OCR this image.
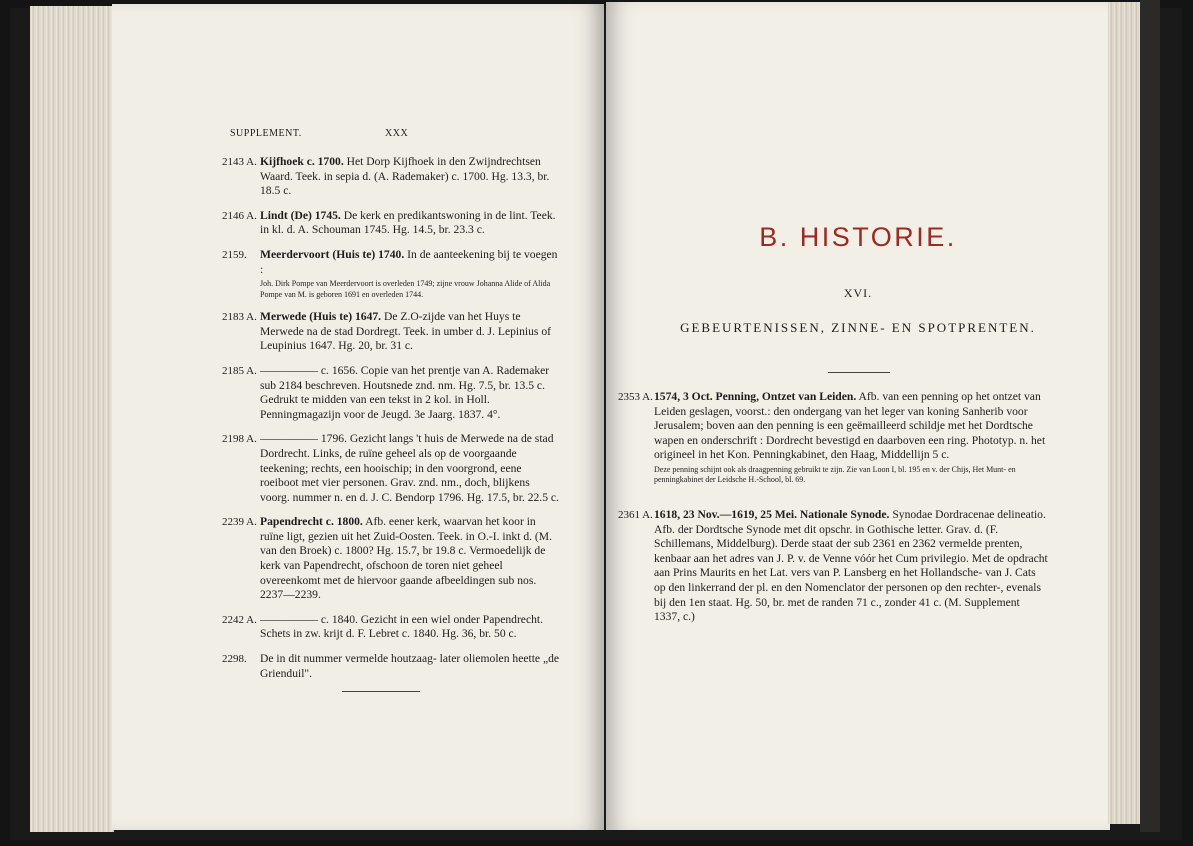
SUPPLEMENT.	XXX
2143 A. Kijfhoek c. 1700. Het Dorp Kijfhoek in den Zwijndrechtsen Waard. Teek. in sepia d. (A. Rademaker) c. 1700. Hg. 13.3, br. 18.5 c.
2146 A. Lindt (De) 1745. De kerk en predikantswoning in de lint. Teek. in kl. d. A. Schouman 1745. Hg. 14.5, br. 23.3 c.
2159. Meerdervoort (Huis te) 1740. In de aanteekening bij te voegen :
Joh. Dirk Pompe van Meerdervoort is overleden 1749; zijne vrouw Johanna Alide of Alida Pompe van M. is geboren 1691 en overleden 1744.
2183 A. Merwede (Huis te) 1647. De Z.O-zijde van het Huys te Merwede na de stad Dordregt. Teek. in umber d. J. Lepinius of Leupinius 1647. Hg. 20, br. 31 c.
2185 A. ————— c. 1656. Copie van het prentje van A. Rademaker sub 2184 beschreven. Houtsnede znd. nm. Hg. 7.5, br. 13.5 c. Gedrukt te midden van een tekst in 2 kol. in Holl. Penningmagazijn voor de Jeugd. 3e Jaarg. 1837. 4°.
2198 A. ————— 1796. Gezicht langs 't huis de Merwede na de stad Dordrecht. Links, de ruïne geheel als op de voorgaande teekening; rechts, een hooischip; in den voorgrond, eene roeiboot met vier personen. Grav. znd. nm., doch, blijkens voorg. nummer n. en d. J. C. Bendorp 1796. Hg. 17.5, br. 22.5 c.
2239 A. Papendrecht c. 1800. Afb. eener kerk, waarvan het koor in ruïne ligt, gezien uit het Zuid-Oosten. Teek. in O.-I. inkt d. (M. van den Broek) c. 1800? Hg. 15.7, br 19.8 c. Vermoedelijk de kerk van Papendrecht, ofschoon de toren niet geheel overeenkomt met de hiervoor gaande afbeeldingen sub nos. 2237—2239.
2242 A. ————— c. 1840. Gezicht in een wiel onder Papendrecht. Schets in zw. krijt d. F. Lebret c. 1840. Hg. 36, br. 50 c.
2298. De in dit nummer vermelde houtzaag- later oliemolen heette „de Grienduil".
B. HISTORIE.
XVI.
GEBEURTENISSEN, ZINNE- EN SPOTPRENTEN.
2353 A. 1574, 3 Oct. Penning, Ontzet van Leiden. Afb. van een penning op het ontzet van Leiden geslagen, voorst.: den ondergang van het leger van koning Sanherib voor Jerusalem; boven aan den penning is een geëmailleerd schildje met het Dordtsche wapen en onderschrift : Dordrecht bevestigd en daarboven een ring. Phototyp. n. het origineel in het Kon. Penningkabinet, den Haag, Middellijn 5 c.
Deze penning schijnt ook als draagpenning gebruikt te zijn. Zie van Loon I, bl. 195 en v. der Chijs, Het Munt- en penningkabinet der Leidsche H.-School, bl. 69.
2361 A. 1618, 23 Nov.—1619, 25 Mei. Nationale Synode. Synodae Dordracenae delineatio. Afb. der Dordtsche Synode met dit opschr. in Gothische letter. Grav. d. (F. Schillemans, Middelburg). Derde staat der sub 2361 en 2362 vermelde prenten, kenbaar aan het adres van J. P. v. de Venne vóór het Cum privilegio. Met de opdracht aan Prins Maurits en het Lat. vers van P. Lansberg en het Hollandsche- van J. Cats op den linkerrand der pl. en den Nomenclator der personen op den rechter-, evenals bij den 1en staat. Hg. 50, br. met de randen 71 c., zonder 41 c. (M. Supplement 1337, c.)
